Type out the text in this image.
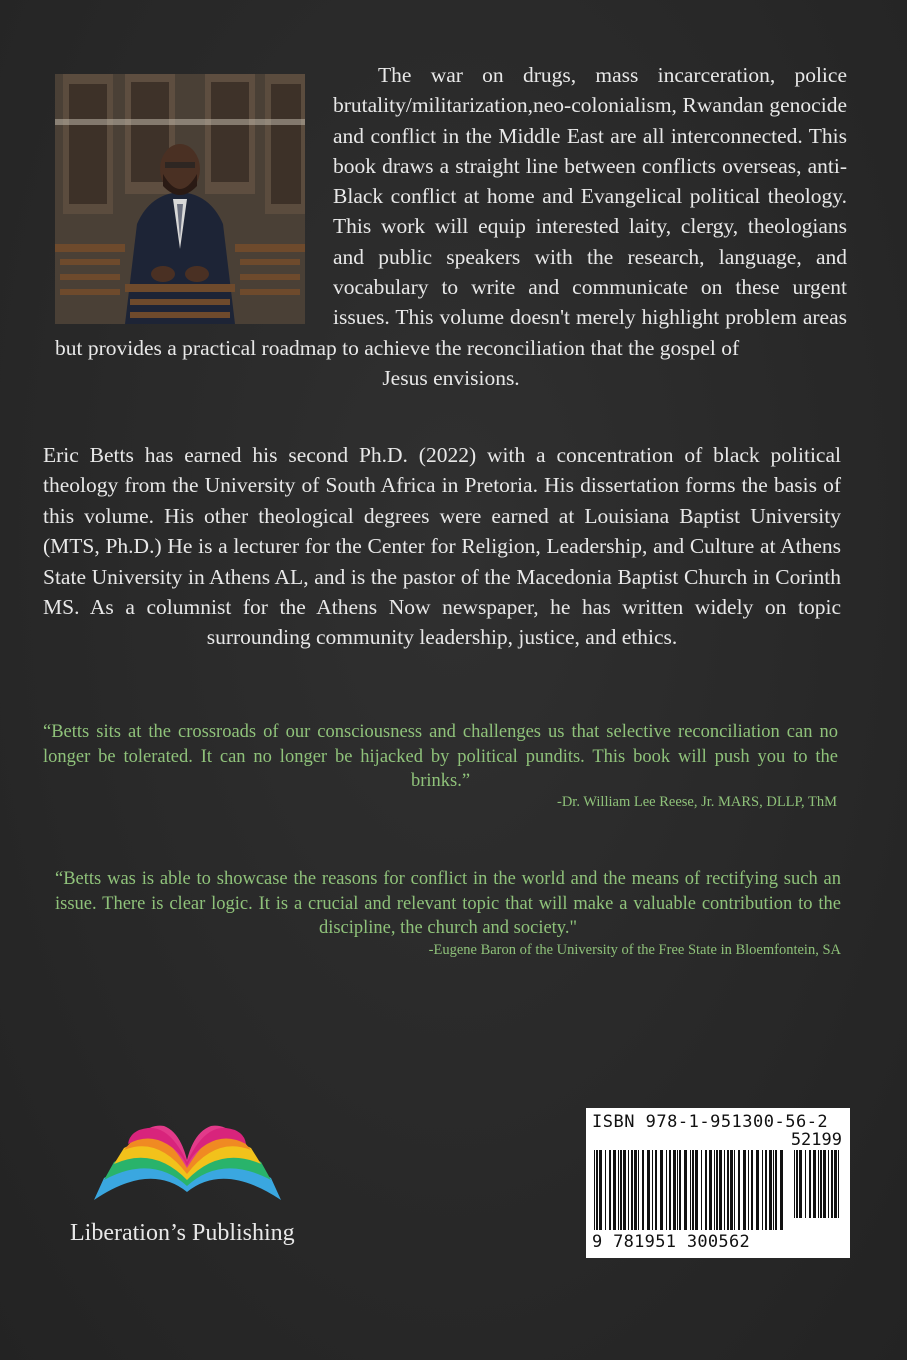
The war on drugs, mass incarceration, police brutality/militarization,neo-colonialism, Rwandan genocide and conflict in the Middle East are all interconnected. This book draws a straight line between conflicts overseas, anti-Black conflict at home and Evangelical political theology. This work will equip interested laity, clergy, theologians and public speakers with the research, language, and vocabulary to write and communicate on these urgent issues. This volume doesn't merely highlight problem areas but provides a practical roadmap to achieve the reconciliation that the gospel of
Jesus envisions.

Eric Betts has earned his second Ph.D. (2022) with a concentration of black political theology from the University of South Africa in Pretoria. His dissertation forms the basis of this volume. His other theological degrees were earned at Louisiana Baptist University (MTS, Ph.D.) He is a lecturer for the Center for Religion, Leadership, and Culture at Athens State University in Athens AL, and is the pastor of the Macedonia Baptist Church in Corinth MS. As a columnist for the Athens Now newspaper, he has written widely on topic surrounding community leadership, justice, and ethics.

“Betts sits at the crossroads of our consciousness and challenges us that selective reconciliation can no longer be tolerated. It can no longer be hijacked by political pundits. This book will push you to the brinks.”

-Dr. William Lee Reese, Jr. MARS, DLLP, ThM

“Betts was is able to showcase the reasons for conflict in the world and the means of rectifying such an issue. There is clear logic. It is a crucial and relevant topic that will make a valuable contribution to the discipline, the church and society."

-Eugene Baron of the University of the Free State in Bloemfontein, SA

Liberation’s Publishing
ISBN 978-1-951300-56-2
52199
9 781951 300562
